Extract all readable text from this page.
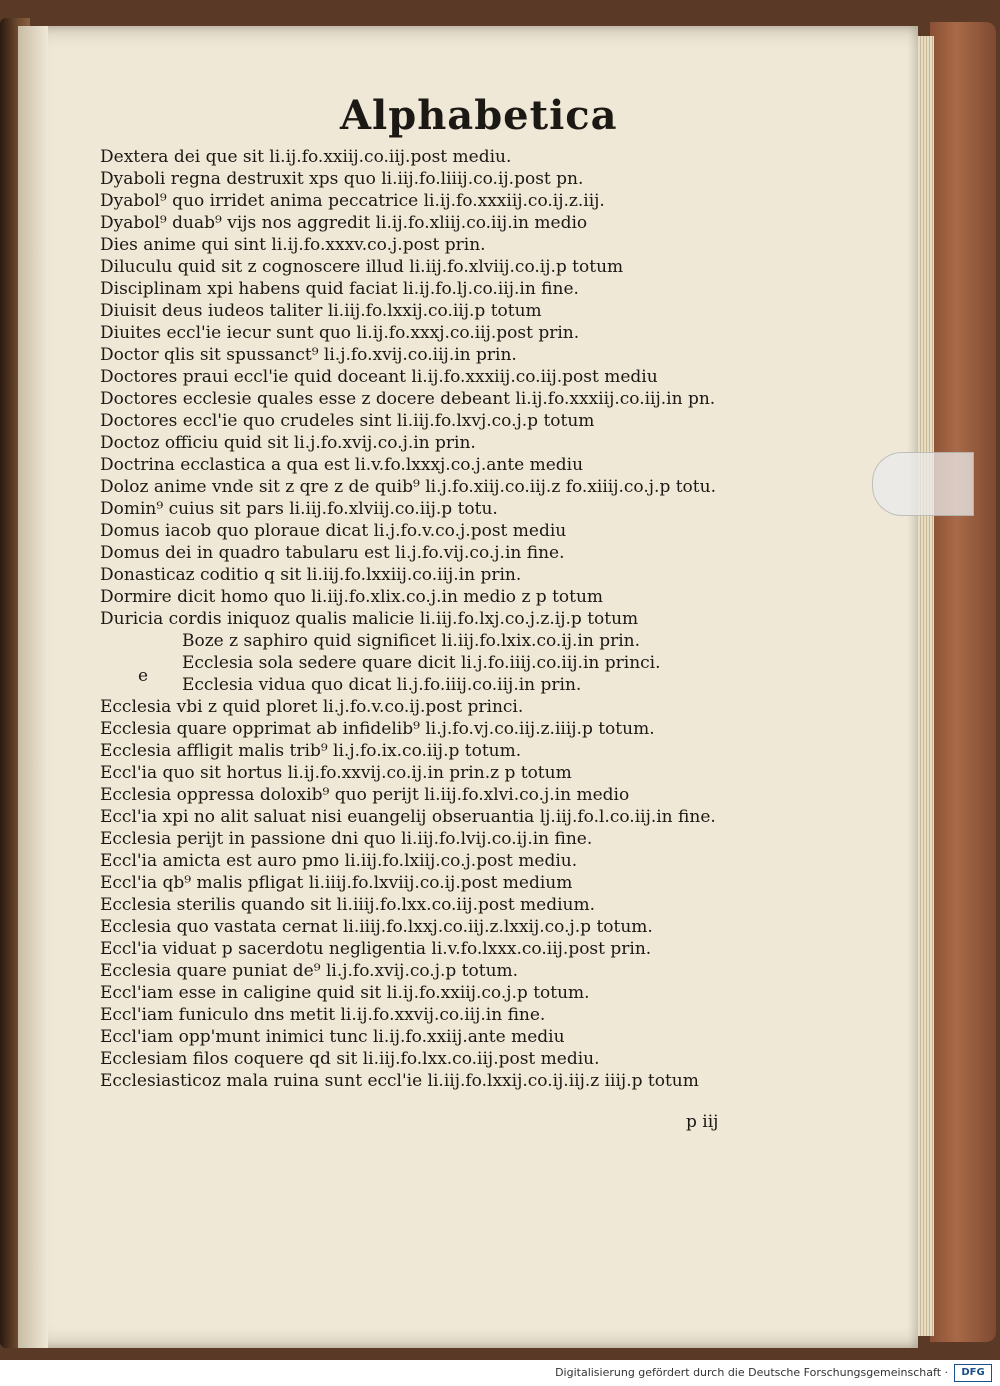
Alphabetica
Dextera dei que sit li.ij.fo.xxiij.co.iij.post mediu.
Dyaboli regna destruxit xps quo li.iij.fo.liiij.co.ij.post pn.
Dyabol⁹ quo irridet anima peccatrice li.ij.fo.xxxiij.co.ij.z.iij.
Dyabol⁹ duab⁹ vijs nos aggredit li.ij.fo.xliij.co.iij.in medio
Dies anime qui sint li.ij.fo.xxxv.co.j.post prin.
Diluculu quid sit z cognoscere illud li.iij.fo.xlviij.co.ij.p totum
Disciplinam xpi habens quid faciat li.ij.fo.lj.co.iij.in fine.
Diuisit deus iudeos taliter li.iij.fo.lxxij.co.iij.p totum
Diuites eccl'ie iecur sunt quo li.ij.fo.xxxj.co.iij.post prin.
Doctor qlis sit spussanct⁹ li.j.fo.xvij.co.iij.in prin.
Doctores praui eccl'ie quid doceant li.ij.fo.xxxiij.co.iij.post mediu
Doctores ecclesie quales esse z docere debeant li.ij.fo.xxxiij.co.iij.in pn.
Doctores eccl'ie quo crudeles sint li.iij.fo.lxvj.co.j.p totum
Doctoz officiu quid sit li.j.fo.xvij.co.j.in prin.
Doctrina ecclastica a qua est li.v.fo.lxxxj.co.j.ante mediu
Doloz anime vnde sit z qre z de quib⁹ li.j.fo.xiij.co.iij.z fo.xiiij.co.j.p totu.
Domin⁹ cuius sit pars li.iij.fo.xlviij.co.iij.p totu.
Domus iacob quo ploraue dicat li.j.fo.v.co.j.post mediu
Domus dei in quadro tabularu est li.j.fo.vij.co.j.in fine.
Donasticaz coditio q sit li.iij.fo.lxxiij.co.iij.in prin.
Dormire dicit homo quo li.iij.fo.xlix.co.j.in medio z p totum
Duricia cordis iniquoz qualis malicie li.iij.fo.lxj.co.j.z.ij.p totum
Boze z saphiro quid significet li.iij.fo.lxix.co.ij.in prin.
Ecclesia sola sedere quare dicit li.j.fo.iiij.co.iij.in princi.
Ecclesia vidua quo dicat li.j.fo.iiij.co.iij.in prin.
Ecclesia vbi z quid ploret li.j.fo.v.co.ij.post princi.
Ecclesia quare opprimat ab infidelib⁹ li.j.fo.vj.co.iij.z.iiij.p totum.
Ecclesia affligit malis trib⁹ li.j.fo.ix.co.iij.p totum.
Eccl'ia quo sit hortus li.ij.fo.xxvij.co.ij.in prin.z p totum
Ecclesia oppressa doloxib⁹ quo perijt li.iij.fo.xlvi.co.j.in medio
Eccl'ia xpi no alit saluat nisi euangelij obseruantia lj.iij.fo.l.co.iij.in fine.
Ecclesia perijt in passione dni quo li.iij.fo.lvij.co.ij.in fine.
Eccl'ia amicta est auro pmo li.iij.fo.lxiij.co.j.post mediu.
Eccl'ia qb⁹ malis pfligat li.iiij.fo.lxviij.co.ij.post medium
Ecclesia sterilis quando sit li.iiij.fo.lxx.co.iij.post medium.
Ecclesia quo vastata cernat li.iiij.fo.lxxj.co.iij.z.lxxij.co.j.p totum.
Eccl'ia viduat p sacerdotu negligentia li.v.fo.lxxx.co.iij.post prin.
Ecclesia quare puniat de⁹ li.j.fo.xvij.co.j.p totum.
Eccl'iam esse in caligine quid sit li.ij.fo.xxiij.co.j.p totum.
Eccl'iam funiculo dns metit li.ij.fo.xxvij.co.iij.in fine.
Eccl'iam opp'munt inimici tunc li.ij.fo.xxiij.ante mediu
Ecclesiam filos coquere qd sit li.iij.fo.lxx.co.iij.post mediu.
Ecclesiasticoz mala ruina sunt eccl'ie li.iij.fo.lxxij.co.ij.iij.z iiij.p totum
e
p iij
Digitalisierung gefördert durch die Deutsche Forschungsgemeinschaft ·	DFG
